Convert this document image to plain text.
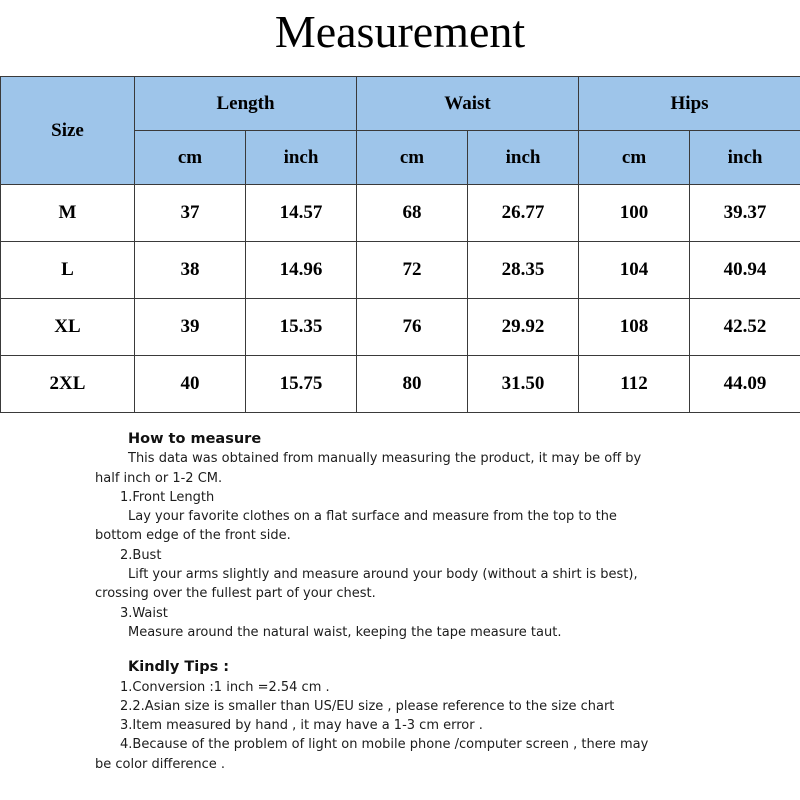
Measurement
Size	Length		Waist		Hips	
	cm	inch	cm	inch	cm	inch
M	37	14.57	68	26.77	100	39.37
L	38	14.96	72	28.35	104	40.94
XL	39	15.35	76	29.92	108	42.52
2XL	40	15.75	80	31.50	112	44.09
How to measure
This data was obtained from manually measuring the product, it may be off by
half inch or 1-2 CM.
1.Front Length
Lay your favorite clothes on a flat surface and measure from the top to the
bottom edge of the front side.
2.Bust
Lift your arms slightly and measure around your body (without a shirt is best),
crossing over the fullest part of your chest.
3.Waist
Measure around the natural waist, keeping the tape measure taut.
Kindly Tips :
1.Conversion :1 inch =2.54 cm .
2.2.Asian size is smaller than US/EU size , please reference to the size chart
3.Item measured by hand , it may have a 1-3 cm error .
4.Because of the problem of light on mobile phone /computer screen , there may
be color difference .
